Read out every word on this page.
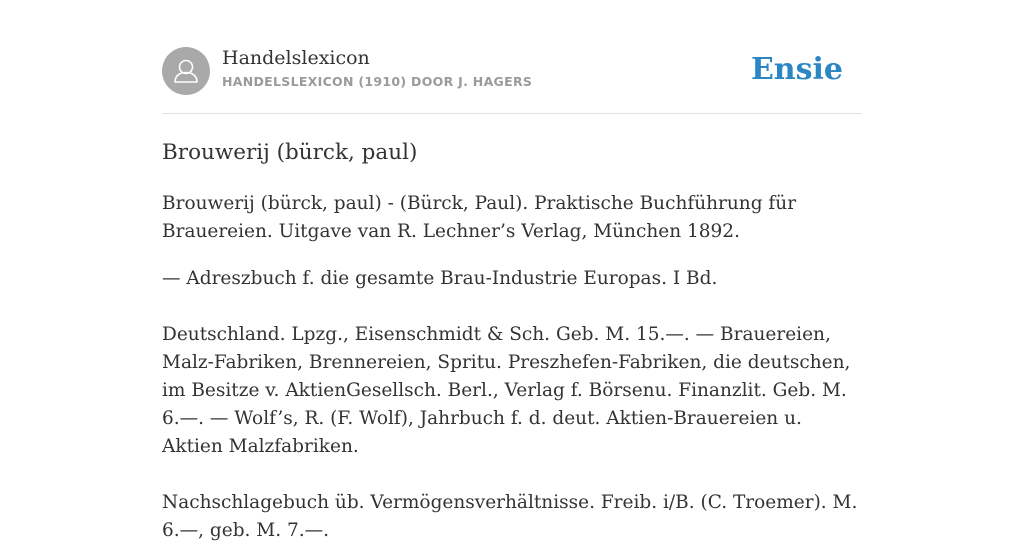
Handelslexicon
HANDELSLEXICON (1910) DOOR J. HAGERS	Ensie
Brouwerij (bürck, paul)

Brouwerij (bürck, paul) - (Bürck, Paul). Praktische Buchführung für Brauereien. Uitgave van R. Lechner’s Verlag, München 1892.

— Adreszbuch f. die gesamte Brau-Industrie Europas. I Bd.

Deutschland. Lpzg., Eisenschmidt & Sch. Geb. M. 15.—. — Brauereien, Malz-Fabriken, Brennereien, Spritu. Preszhefen-Fabriken, die deutschen, im Besitze v. AktienGesellsch. Berl., Verlag f. Börsenu. Finanzlit. Geb. M. 6.—. — Wolf’s, R. (F. Wolf), Jahrbuch f. d. deut. Aktien-Brauereien u. Aktien Malzfabriken.

Nachschlagebuch üb. Vermögensverhältnisse. Freib. i/B. (C. Troemer). M. 6.—, geb. M. 7.—.
